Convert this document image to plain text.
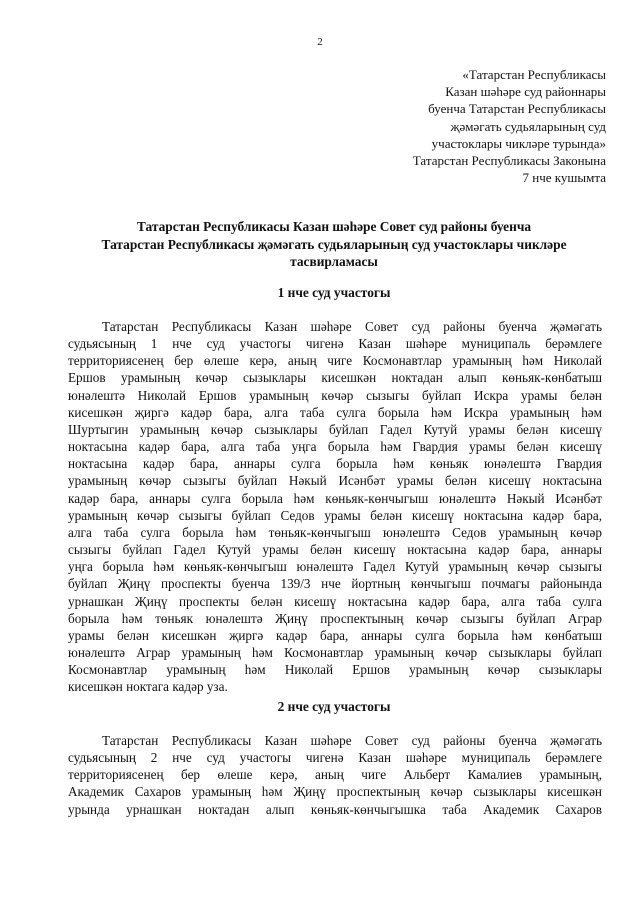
2
«Татарстан Республикасы
Казан шәһәре суд районнары
буенча Татарстан Республикасы
җәмәгать судьяларының суд
участоклары чикләре турында»
Татарстан Республикасы Законына
7 нче кушымта
Татарстан Республикасы Казан шәһәре Совет суд районы буенча
Татарстан Республикасы җәмәгать судьяларының суд участоклары чикләре
тасвирламасы
1 нче суд участогы
Татарстан Республикасы Казан шәһәре Совет суд районы буенча җәмәгать
судьясының 1 нче суд участогы чигенә Казан шәһәре муниципаль берәмлеге
территориясенең бер өлеше керә, аның чиге Космонавтлар урамының һәм Николай
Ершов урамының көчәр сызыклары кисешкән ноктадан алып көньяк-көнбатыш
юнәлештә Николай Ершов урамының көчәр сызыгы буйлап Искра урамы белән
кисешкән җиргә кадәр бара, алга таба сулга борыла һәм Искра урамының һәм
Шуртыгин урамының көчәр сызыклары буйлап Гадел Кутуй урамы белән кисешү
ноктасына кадәр бара, алга таба уңга борыла һәм Гвардия урамы белән кисешү
ноктасына кадәр бара, аннары сулга борыла һәм көньяк юнәлештә Гвардия
урамының көчәр сызыгы буйлап Нәкый Исәнбәт урамы белән кисешү ноктасына
кадәр бара, аннары сулга борыла һәм көньяк-көнчыгыш юнәлештә Нәкый Исәнбәт
урамының көчәр сызыгы буйлап Седов урамы белән кисешү ноктасына кадәр бара,
алга таба сулга борыла һәм төньяк-көнчыгыш юнәлештә Седов урамының көчәр
сызыгы буйлап Гадел Кутуй урамы белән кисешү ноктасына кадәр бара, аннары
уңга борыла һәм көньяк-көнчыгыш юнәлештә Гадел Кутуй урамының көчәр сызыгы
буйлап Җиңү проспекты буенча 139/3 нче йортның көнчыгыш почмагы районында
урнашкан Җиңү проспекты белән кисешү ноктасына кадәр бара, алга таба сулга
борыла һәм төньяк юнәлештә Җиңү проспектының көчәр сызыгы буйлап Аграр
урамы белән кисешкән җиргә кадәр бара, аннары сулга борыла һәм көнбатыш
юнәлештә Аграр урамының һәм Космонавтлар урамының көчәр сызыклары буйлап
Космонавтлар урамының һәм Николай Ершов урамының көчәр сызыклары
кисешкән ноктага кадәр уза.
2 нче суд участогы
Татарстан Республикасы Казан шәһәре Совет суд районы буенча җәмәгать
судьясының 2 нче суд участогы чигенә Казан шәһәре муниципаль берәмлеге
территориясенең бер өлеше керә, аның чиге Альберт Камалиев урамының,
Академик Сахаров урамының һәм Җиңү проспектының көчәр сызыклары кисешкән
урында урнашкан ноктадан алып көньяк-көнчыгышка таба Академик Сахаров
